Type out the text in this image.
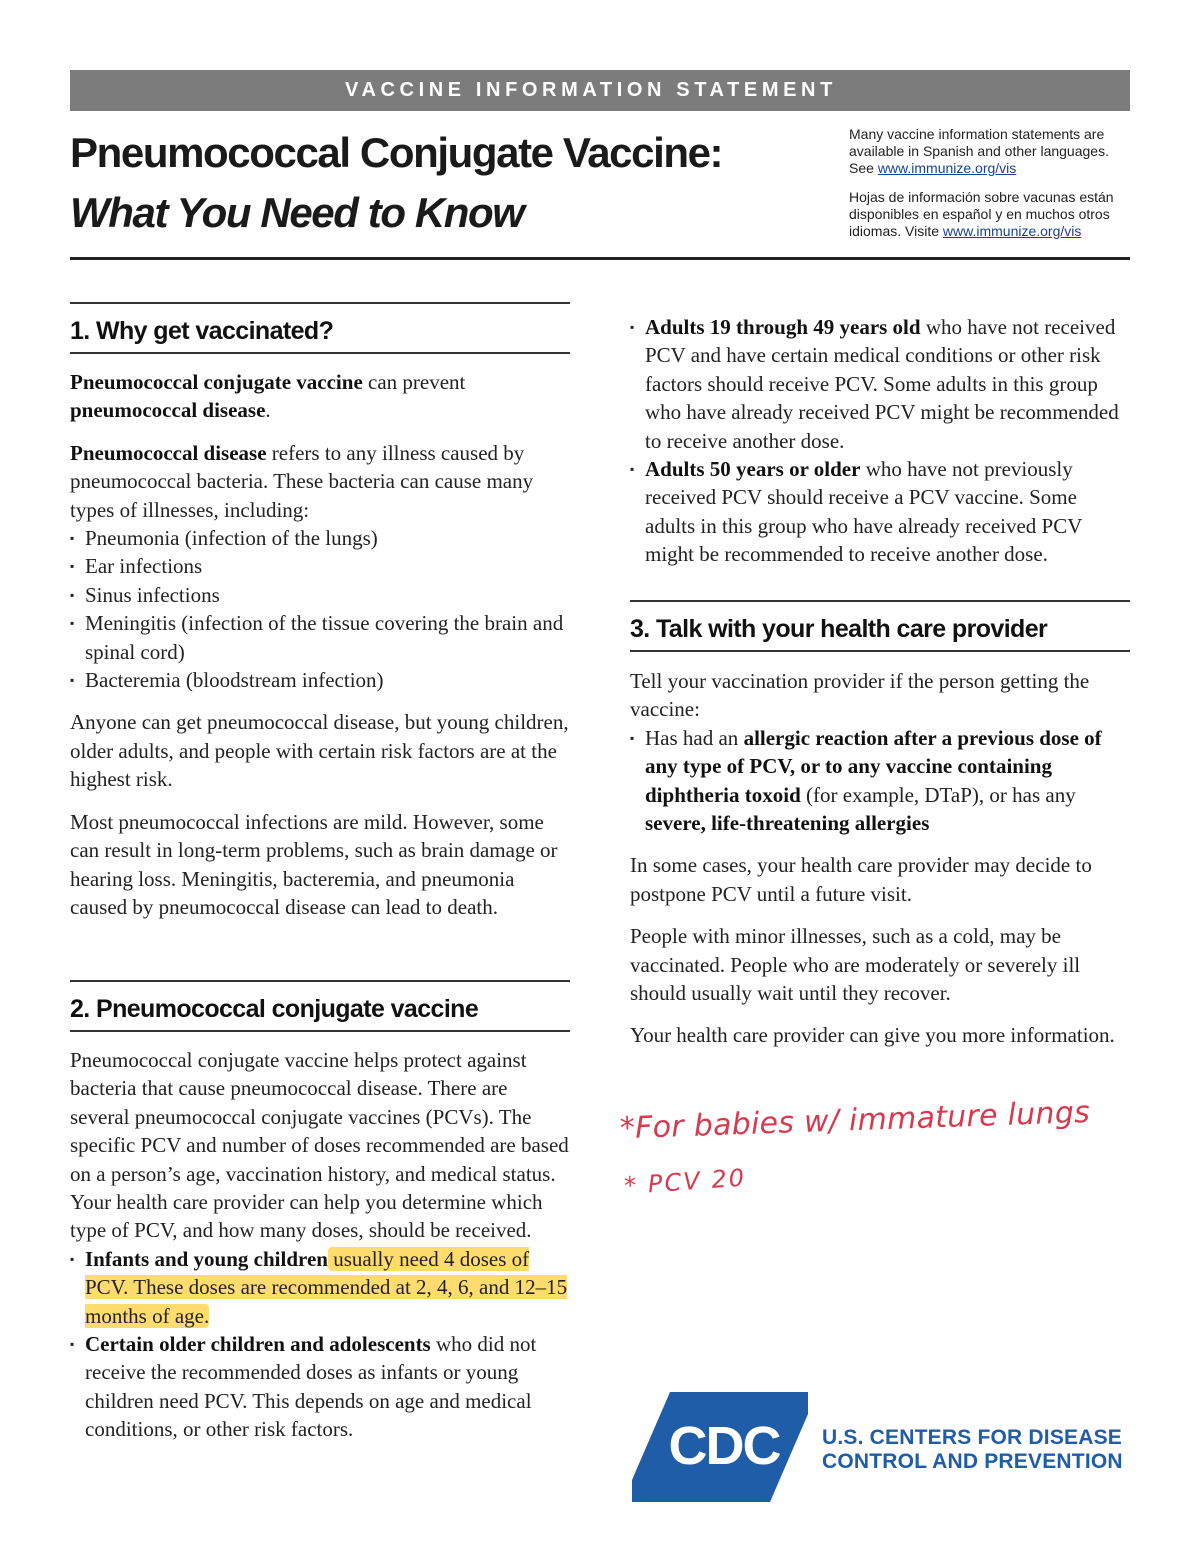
VACCINE INFORMATION STATEMENT
Pneumococcal Conjugate Vaccine:
What You Need to Know

Many vaccine information statements are available in Spanish and other languages. See www.immunize.org/vis

Hojas de información sobre vacunas están disponibles en español y en muchos otros idiomas. Visite www.immunize.org/vis

1. Why get vaccinated?

Pneumococcal conjugate vaccine can prevent pneumococcal disease.

Pneumococcal disease refers to any illness caused by pneumococcal bacteria. These bacteria can cause many types of illnesses, including:

▪ Pneumonia (infection of the lungs)
▪ Ear infections
▪ Sinus infections
▪ Meningitis (infection of the tissue covering the brain and spinal cord)
▪ Bacteremia (bloodstream infection)

Anyone can get pneumococcal disease, but young children, older adults, and people with certain risk factors are at the highest risk.

Most pneumococcal infections are mild. However, some can result in long-term problems, such as brain damage or hearing loss. Meningitis, bacteremia, and pneumonia caused by pneumococcal disease can lead to death.

2. Pneumococcal conjugate vaccine

Pneumococcal conjugate vaccine helps protect against bacteria that cause pneumococcal disease. There are several pneumococcal conjugate vaccines (PCVs). The specific PCV and number of doses recommended are based on a person’s age, vaccination history, and medical status. Your health care provider can help you determine which type of PCV, and how many doses, should be received.

▪ Infants and young children usually need 4 doses of PCV. These doses are recommended at 2, 4, 6, and 12–15 months of age.
▪ Certain older children and adolescents who did not receive the recommended doses as infants or young children need PCV. This depends on age and medical conditions, or other risk factors.
▪ Adults 19 through 49 years old who have not received PCV and have certain medical conditions or other risk factors should receive PCV. Some adults in this group who have already received PCV might be recommended to receive another dose.
▪ Adults 50 years or older who have not previously received PCV should receive a PCV vaccine. Some adults in this group who have already received PCV might be recommended to receive another dose.
3. Talk with your health care provider

Tell your vaccination provider if the person getting the vaccine:

▪ Has had an allergic reaction after a previous dose of any type of PCV, or to any vaccine containing diphtheria toxoid (for example, DTaP), or has any severe, life-threatening allergies

In some cases, your health care provider may decide to postpone PCV until a future visit.

People with minor illnesses, such as a cold, may be vaccinated. People who are moderately or severely ill should usually wait until they recover.

Your health care provider can give you more information.

*For babies w/ immature lungs
* PCV 20
CDC U.S. CENTERS FOR DISEASE
CONTROL AND PREVENTION
